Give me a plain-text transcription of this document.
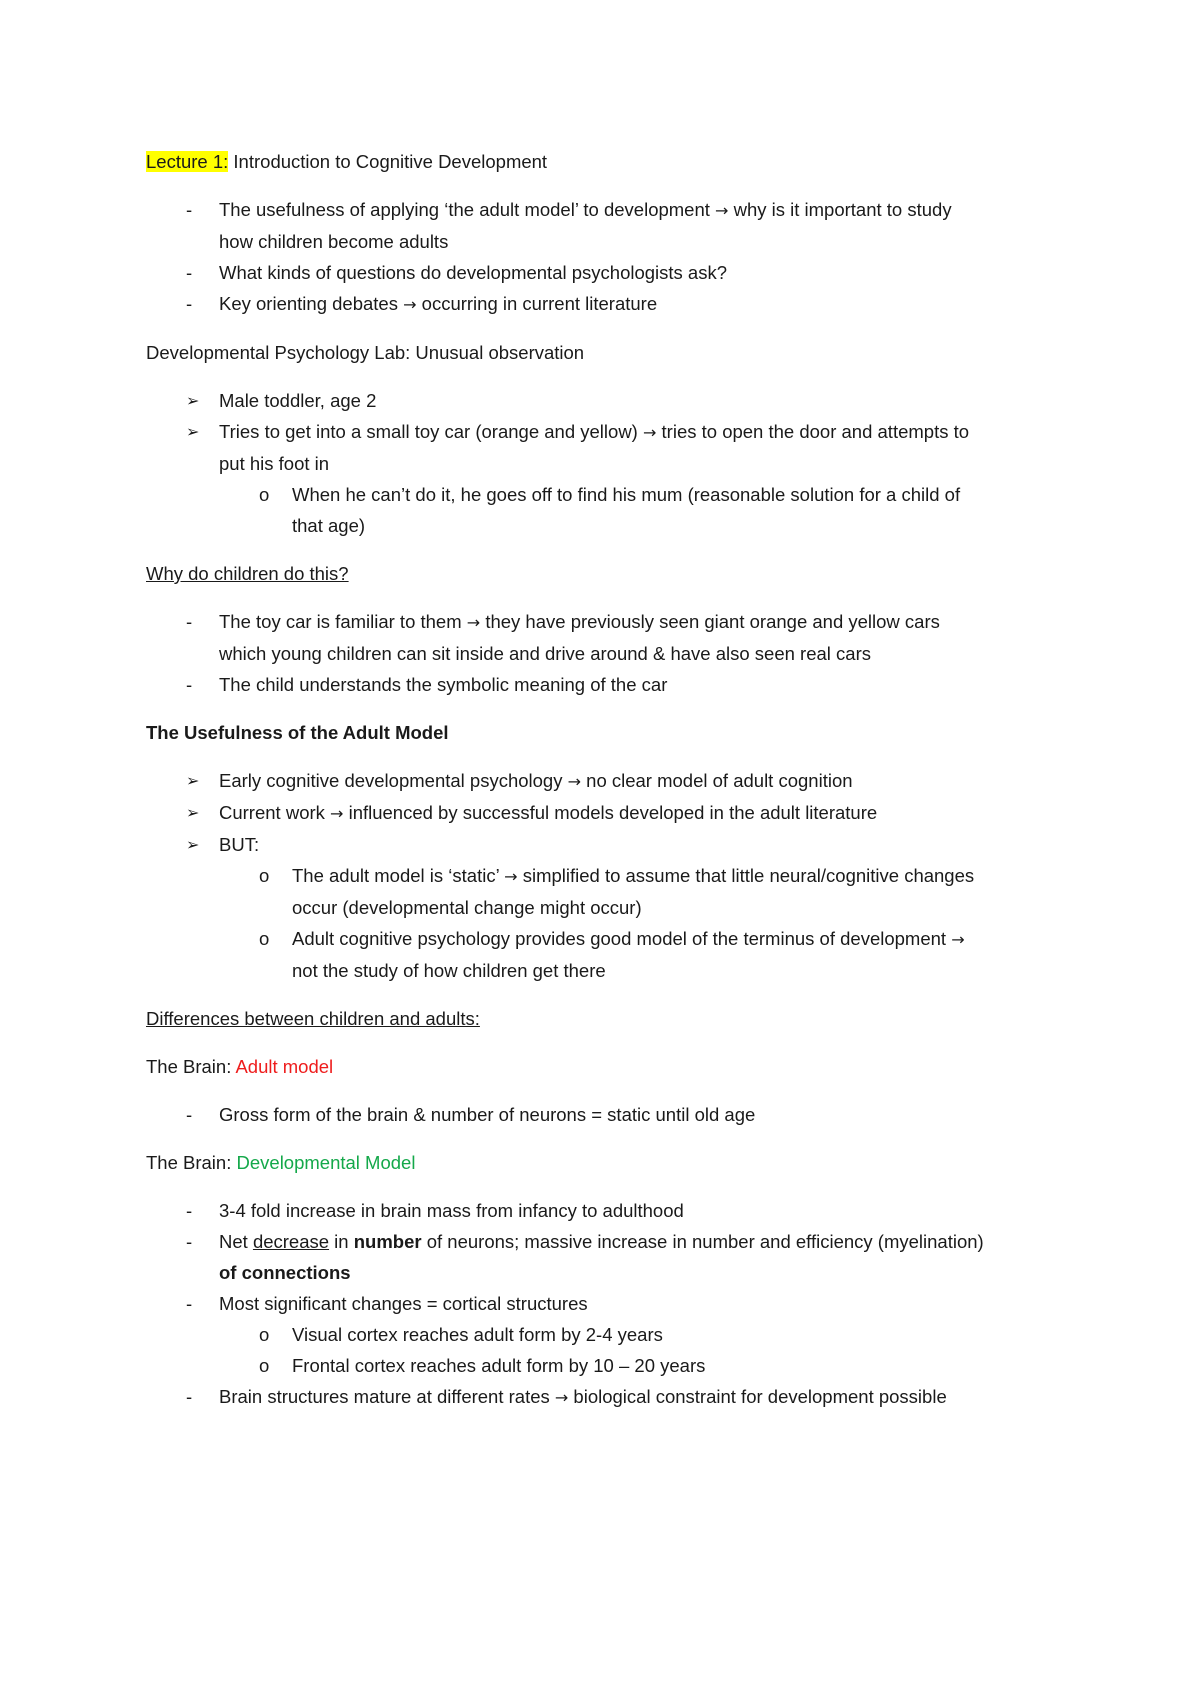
Lecture 1: Introduction to Cognitive Development
-	The usefulness of applying ‘the adult model’ to development → why is it important to study
how children become adults
-	What kinds of questions do developmental psychologists ask?
-	Key orienting debates → occurring in current literature
Developmental Psychology Lab: Unusual observation
➢	Male toddler, age 2
➢	Tries to get into a small toy car (orange and yellow) → tries to open the door and attempts to
put his foot in
o	When he can’t do it, he goes off to find his mum (reasonable solution for a child of
that age)
Why do children do this?
-	The toy car is familiar to them → they have previously seen giant orange and yellow cars
which young children can sit inside and drive around & have also seen real cars
-	The child understands the symbolic meaning of the car
The Usefulness of the Adult Model
➢	Early cognitive developmental psychology → no clear model of adult cognition
➢	Current work → influenced by successful models developed in the adult literature
➢	BUT:
o	The adult model is ‘static’ → simplified to assume that little neural/cognitive changes
occur (developmental change might occur)
o	Adult cognitive psychology provides good model of the terminus of development →
not the study of how children get there
Differences between children and adults:
The Brain: Adult model
-	Gross form of the brain & number of neurons = static until old age
The Brain: Developmental Model
-	3-4 fold increase in brain mass from infancy to adulthood
-	Net decrease in number of neurons; massive increase in number and efficiency (myelination)
of connections
-	Most significant changes = cortical structures
o	Visual cortex reaches adult form by 2-4 years
o	Frontal cortex reaches adult form by 10 – 20 years
-	Brain structures mature at different rates → biological constraint for development possible
